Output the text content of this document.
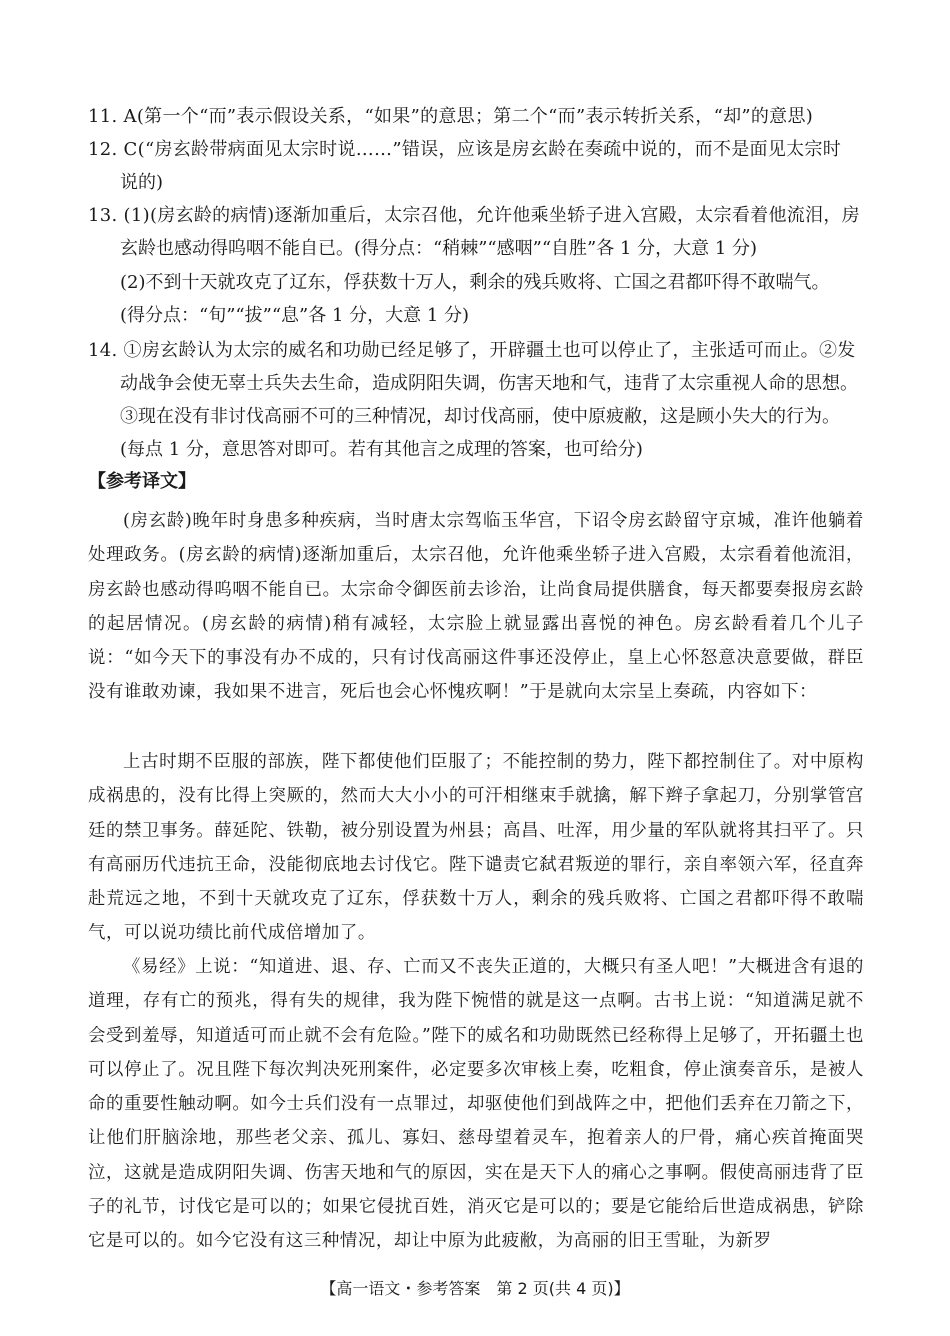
11. A(第一个“而”表示假设关系，“如果”的意思；第二个“而”表示转折关系，“却”的意思)
12. C(“房玄龄带病面见太宗时说……”错误，应该是房玄龄在奏疏中说的，而不是面见太宗时
说的)
13. (1)(房玄龄的病情)逐渐加重后，太宗召他，允许他乘坐轿子进入宫殿，太宗看着他流泪，房
玄龄也感动得呜咽不能自已。(得分点：“稍棘”“感咽”“自胜”各 1 分，大意 1 分)
(2)不到十天就攻克了辽东，俘获数十万人，剩余的残兵败将、亡国之君都吓得不敢喘气。
(得分点：“旬”“拔”“息”各 1 分，大意 1 分)
14. ①房玄龄认为太宗的威名和功勋已经足够了，开辟疆土也可以停止了，主张适可而止。②发
动战争会使无辜士兵失去生命，造成阴阳失调，伤害天地和气，违背了太宗重视人命的思想。
③现在没有非讨伐高丽不可的三种情况，却讨伐高丽，使中原疲敝，这是顾小失大的行为。
(每点 1 分，意思答对即可。若有其他言之成理的答案，也可给分)
【参考译文】
(房玄龄)晚年时身患多种疾病，当时唐太宗驾临玉华宫，下诏令房玄龄留守京城，准许他躺着处理政务。(房玄龄的病情)逐渐加重后，太宗召他，允许他乘坐轿子进入宫殿，太宗看着他流泪，房玄龄也感动得呜咽不能自已。太宗命令御医前去诊治，让尚食局提供膳食，每天都要奏报房玄龄的起居情况。(房玄龄的病情)稍有减轻，太宗脸上就显露出喜悦的神色。房玄龄看着几个儿子说：“如今天下的事没有办不成的，只有讨伐高丽这件事还没停止，皇上心怀怒意决意要做，群臣没有谁敢劝谏，我如果不进言，死后也会心怀愧疚啊！”于是就向太宗呈上奏疏，内容如下：
上古时期不臣服的部族，陛下都使他们臣服了；不能控制的势力，陛下都控制住了。对中原构成祸患的，没有比得上突厥的，然而大大小小的可汗相继束手就擒，解下辫子拿起刀，分别掌管宫廷的禁卫事务。薛延陀、铁勒，被分别设置为州县；高昌、吐浑，用少量的军队就将其扫平了。只有高丽历代违抗王命，没能彻底地去讨伐它。陛下谴责它弑君叛逆的罪行，亲自率领六军，径直奔赴荒远之地，不到十天就攻克了辽东，俘获数十万人，剩余的残兵败将、亡国之君都吓得不敢喘气，可以说功绩比前代成倍增加了。
《易经》上说：“知道进、退、存、亡而又不丧失正道的，大概只有圣人吧！”大概进含有退的道理，存有亡的预兆，得有失的规律，我为陛下惋惜的就是这一点啊。古书上说：“知道满足就不会受到羞辱，知道适可而止就不会有危险。”陛下的威名和功勋既然已经称得上足够了，开拓疆土也可以停止了。况且陛下每次判决死刑案件，必定要多次审核上奏，吃粗食，停止演奏音乐，是被人命的重要性触动啊。如今士兵们没有一点罪过，却驱使他们到战阵之中，把他们丢弃在刀箭之下，让他们肝脑涂地，那些老父亲、孤儿、寡妇、慈母望着灵车，抱着亲人的尸骨，痛心疾首掩面哭泣，这就是造成阴阳失调、伤害天地和气的原因，实在是天下人的痛心之事啊。假使高丽违背了臣子的礼节，讨伐它是可以的；如果它侵扰百姓，消灭它是可以的；要是它能给后世造成祸患，铲除它是可以的。如今它没有这三种情况，却让中原为此疲敝，为高丽的旧王雪耻，为新罗
【高一语文・参考答案　第 2 页(共 4 页)】
